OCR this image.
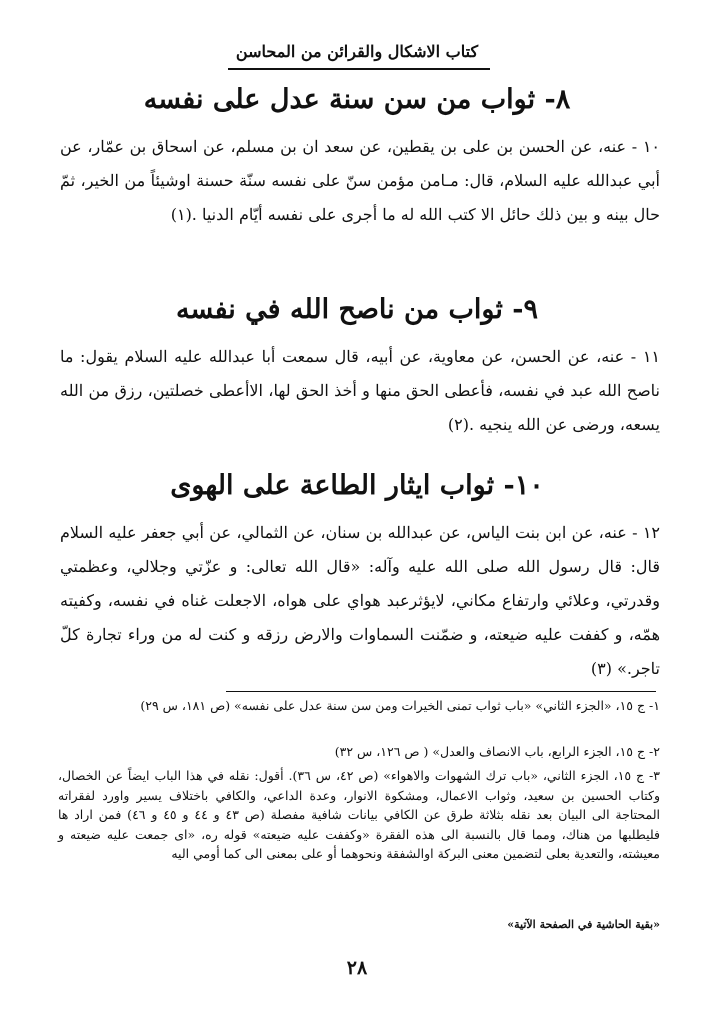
كتاب الاشكال والقرائن من المحاسن
٨- ثواب من سن سنة عدل على نفسه
١٠ - عنه، عن الحسن بن على بن يقطين، عن سعد ان بن مسلم، عن اسحاق بن عمّار، عن أبي عبدالله عليه السلام، قال: مـامن مؤمن سنّ على نفسه سنّة حسنة اوشيئاً من الخير، ثمّ حال بينه و بين ذلك حائل الا كتب الله له ما أجرى على نفسه أيّام الدنيا .(١)
٩- ثواب من ناصح الله في نفسه
١١ - عنه، عن الحسن، عن معاوية، عن أبيه، قال سمعت أبا عبدالله عليه السلام يقول: ما ناصح الله عبد في نفسه، فأعطى الحق منها و أخذ الحق لها، الاأعطى خصلتين، رزق من الله يسعه، ورضى عن الله ينجيه .(٢)
١٠- ثواب ايثار الطاعة على الهوى
١٢ - عنه، عن ابن بنت الياس، عن عبدالله بن سنان، عن الثمالي، عن أبي جعفر عليه السلام قال: قال رسول الله صلى الله عليه وآله: «قال الله تعالى: و عزّتي وجلالي، وعظمتي وقدرتي، وعلائي وارتفاع مكاني، لايؤثرعبد هواي على هواه، الاجعلت غناه في نفسه، وكفيته همّه، و كففت عليه ضيعته، و ضمّنت السماوات والارض رزقه و كنت له من وراء تجارة كلّ تاجر.» (٣)
١- ج ١٥، «الجزء الثاني» «باب ثواب تمنى الخيرات ومن سن سنة عدل على نفسه» (ص ١٨١، س ٢٩)
٢- ج ١٥، الجزء الرابع، باب الانصاف والعدل» ( ص ١٢٦، س ٣٢)
٣- ج ١٥، الجزء الثاني، «باب ترك الشهوات والاهواء» (ص ٤٢، س ٣٦). أقول: نقله في هذا الباب ايضاً عن الخصال، وكتاب الحسين بن سعيد، وثواب الاعمال، ومشكوة الانوار، وعدة الداعي، والكافي باختلاف يسير واورد لفقراته المحتاجة الى البيان بعد نقله بثلاثة طرق عن الكافي بيانات شافية مفصلة (ص ٤٣ و ٤٤ و ٤٥ و ٤٦) فمن اراد ها فليطلبها من هناك، ومما قال بالنسبة الى هذه الفقرة «وكففت عليه ضيعته» قوله ره، «اى جمعت عليه ضيعته و معيشته، والتعدية بعلى لتضمين معنى البركة اوالشفقة ونحوهما أو على بمعنى الى كما أومي اليه
«بقية الحاشية في الصفحة الآتية»
٢٨
